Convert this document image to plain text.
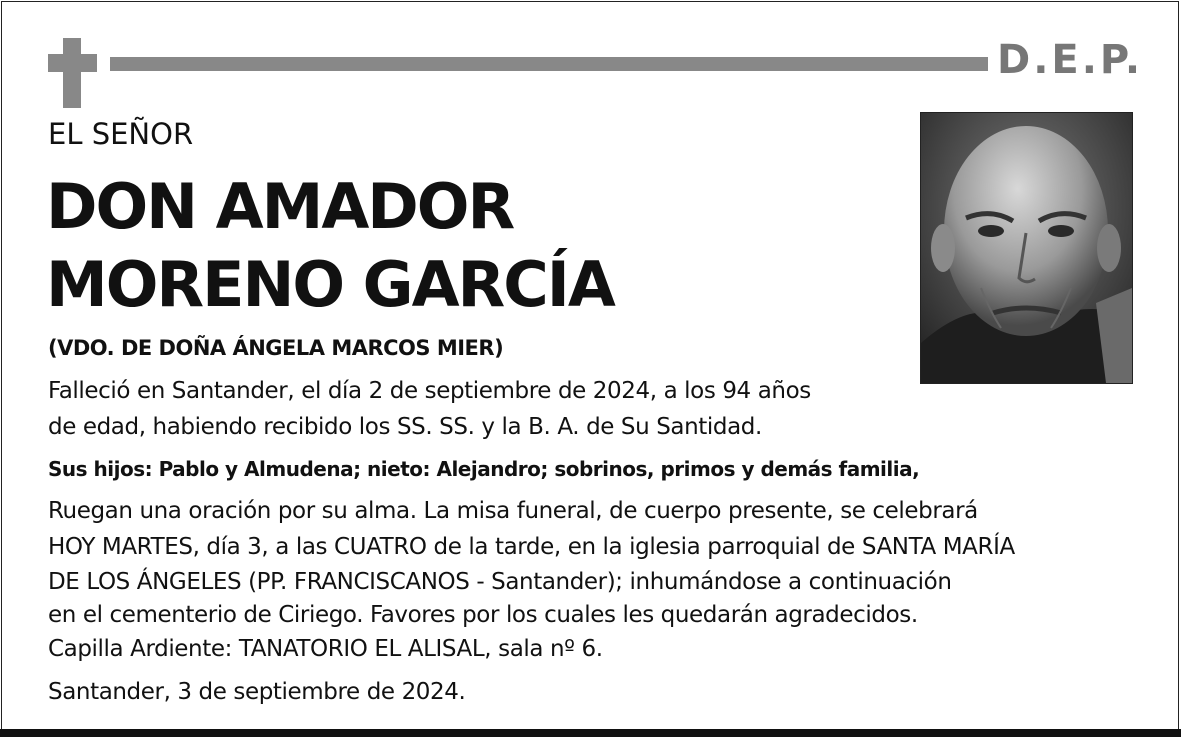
D.E.P.
EL SEÑOR
DON AMADOR
MORENO GARCÍA
(VDO. DE DOÑA ÁNGELA MARCOS MIER)
Falleció en Santander, el día 2 de septiembre de 2024, a los 94 años
de edad, habiendo recibido los SS. SS. y la B. A. de Su Santidad.
Sus hijos: Pablo y Almudena; nieto: Alejandro; sobrinos, primos y demás familia,
Ruegan una oración por su alma. La misa funeral, de cuerpo presente, se celebrará
HOY MARTES, día 3, a las CUATRO de la tarde, en la iglesia parroquial de SANTA MARÍA
DE LOS ÁNGELES (PP. FRANCISCANOS - Santander); inhumándose a continuación
en el cementerio de Ciriego. Favores por los cuales les quedarán agradecidos.
Capilla Ardiente: TANATORIO EL ALISAL, sala nº 6.
Santander, 3 de septiembre de 2024.
